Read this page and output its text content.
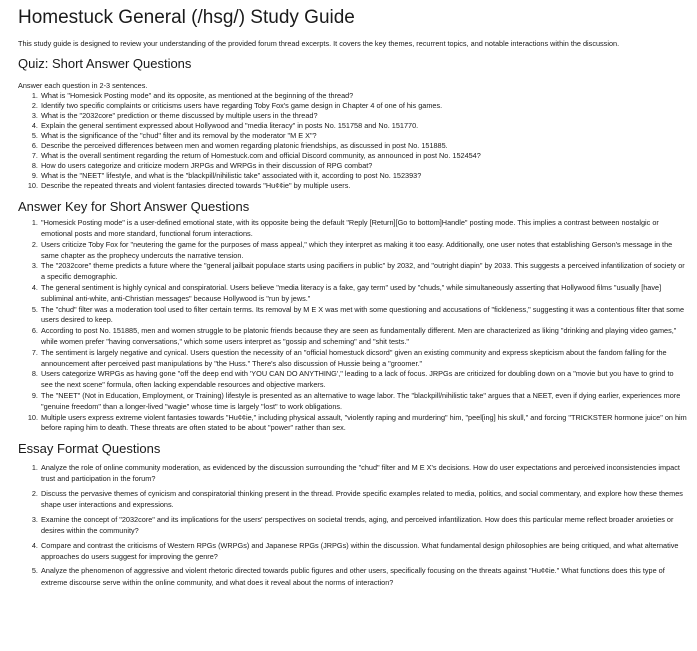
Homestuck General (/hsg/) Study Guide

This study guide is designed to review your understanding of the provided forum thread excerpts. It covers the key themes, recurrent topics, and notable interactions within the discussion.

Quiz: Short Answer Questions

Answer each question in 2-3 sentences.

1. What is "Homesick Posting mode" and its opposite, as mentioned at the beginning of the thread?
2. Identify two specific complaints or criticisms users have regarding Toby Fox's game design in Chapter 4 of one of his games.
3. What is the "2032core" prediction or theme discussed by multiple users in the thread?
4. Explain the general sentiment expressed about Hollywood and "media literacy" in posts No. 151758 and No. 151770.
5. What is the significance of the "chud" filter and its removal by the moderator "M E X"?
6. Describe the perceived differences between men and women regarding platonic friendships, as discussed in post No. 151885.
7. What is the overall sentiment regarding the return of Homestuck.com and official Discord community, as announced in post No. 152454?
8. How do users categorize and criticize modern JRPGs and WRPGs in their discussion of RPG combat?
9. What is the "NEET" lifestyle, and what is the "blackpill/nihilistic take" associated with it, according to post No. 152393?
10. Describe the repeated threats and violent fantasies directed towards "Hu¢¢ie" by multiple users.
Answer Key for Short Answer Questions
1. "Homesick Posting mode" is a user-defined emotional state, with its opposite being the default "Reply [Return][Go to bottom]Handle" posting mode. This implies a contrast between nostalgic or emotional posts and more standard, functional forum interactions.
2. Users criticize Toby Fox for "neutering the game for the purposes of mass appeal," which they interpret as making it too easy. Additionally, one user notes that establishing Gerson's message in the same chapter as the prophecy undercuts the narrative tension.
3. The "2032core" theme predicts a future where the "general jailbait populace starts using pacifiers in public" by 2032, and "outright diapin" by 2033. This suggests a perceived infantilization of society or a specific demographic.
4. The general sentiment is highly cynical and conspiratorial. Users believe "media literacy is a fake, gay term" used by "chuds," while simultaneously asserting that Hollywood films "usually [have] subliminal anti-white, anti-Christian messages" because Hollywood is "run by jews."
5. The "chud" filter was a moderation tool used to filter certain terms. Its removal by M E X was met with some questioning and accusations of "fickleness," suggesting it was a contentious filter that some users desired to keep.
6. According to post No. 151885, men and women struggle to be platonic friends because they are seen as fundamentally different. Men are characterized as liking "drinking and playing video games," while women prefer "having conversations," which some users interpret as "gossip and scheming" and "shit tests."
7. The sentiment is largely negative and cynical. Users question the necessity of an "official homestuck dicsord" given an existing community and express skepticism about the fandom falling for the announcement after perceived past manipulations by "the Huss." There's also discussion of Hussie being a "groomer."
8. Users categorize WRPGs as having gone "off the deep end with 'YOU CAN DO ANYTHING'," leading to a lack of focus. JRPGs are criticized for doubling down on a "movie but you have to grind to see the next scene" formula, often lacking expendable resources and objective markers.
9. The "NEET" (Not in Education, Employment, or Training) lifestyle is presented as an alternative to wage labor. The "blackpill/nihilistic take" argues that a NEET, even if dying earlier, experiences more "genuine freedom" than a longer-lived "wagie" whose time is largely "lost" to work obligations.
10. Multiple users express extreme violent fantasies towards "Hu¢¢ie," including physical assault, "violently raping and murdering" him, "peel[ing] his skull," and forcing "TRICKSTER hormone juice" on him before raping him to death. These threats are often stated to be about "power" rather than sex.
Essay Format Questions
1. Analyze the role of online community moderation, as evidenced by the discussion surrounding the "chud" filter and M E X's decisions. How do user expectations and perceived inconsistencies impact trust and participation in the forum?
2. Discuss the pervasive themes of cynicism and conspiratorial thinking present in the thread. Provide specific examples related to media, politics, and social commentary, and explore how these themes shape user interactions and expressions.
3. Examine the concept of "2032core" and its implications for the users' perspectives on societal trends, aging, and perceived infantilization. How does this particular meme reflect broader anxieties or desires within the community?
4. Compare and contrast the criticisms of Western RPGs (WRPGs) and Japanese RPGs (JRPGs) within the discussion. What fundamental design philosophies are being critiqued, and what alternative approaches do users suggest for improving the genre?
5. Analyze the phenomenon of aggressive and violent rhetoric directed towards public figures and other users, specifically focusing on the threats against "Hu¢¢ie." What functions does this type of extreme discourse serve within the online community, and what does it reveal about the norms of interaction?
